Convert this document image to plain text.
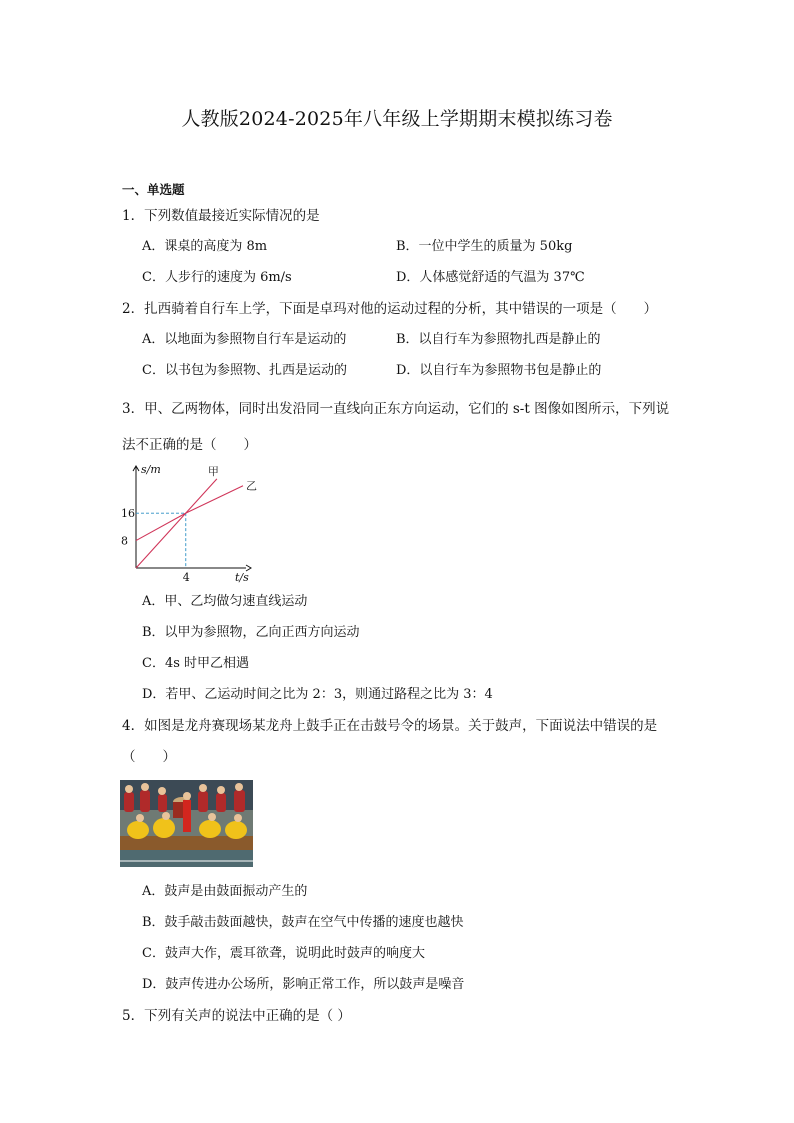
人教版2024-2025年八年级上学期期末模拟练习卷
一、单选题
1．下列数值最接近实际情况的是
A．课桌的高度为 8m	B．一位中学生的质量为 50kg
C．人步行的速度为 6m/s	D．人体感觉舒适的气温为 37℃
2．扎西骑着自行车上学，下面是卓玛对他的运动过程的分析，其中错误的一项是（　　）
A．以地面为参照物自行车是运动的	B．以自行车为参照物扎西是静止的
C．以书包为参照物、扎西是运动的	D．以自行车为参照物书包是静止的
3．甲、乙两物体，同时出发沿同一直线向正东方向运动，它们的 s-t 图像如图所示，下列说
法不正确的是（　　）
甲
乙
8
16
4	t/s
s/m
A．甲、乙均做匀速直线运动
B．以甲为参照物，乙向正西方向运动
C．4s 时甲乙相遇
D．若甲、乙运动时间之比为 2：3，则通过路程之比为 3：4
4．如图是龙舟赛现场某龙舟上鼓手正在击鼓号令的场景。关于鼓声，下面说法中错误的是
（　　）
A．鼓声是由鼓面振动产生的
B．鼓手敲击鼓面越快，鼓声在空气中传播的速度也越快
C．鼓声大作，震耳欲聋，说明此时鼓声的响度大
D．鼓声传进办公场所，影响正常工作，所以鼓声是噪音
5．下列有关声的说法中正确的是（ ）
